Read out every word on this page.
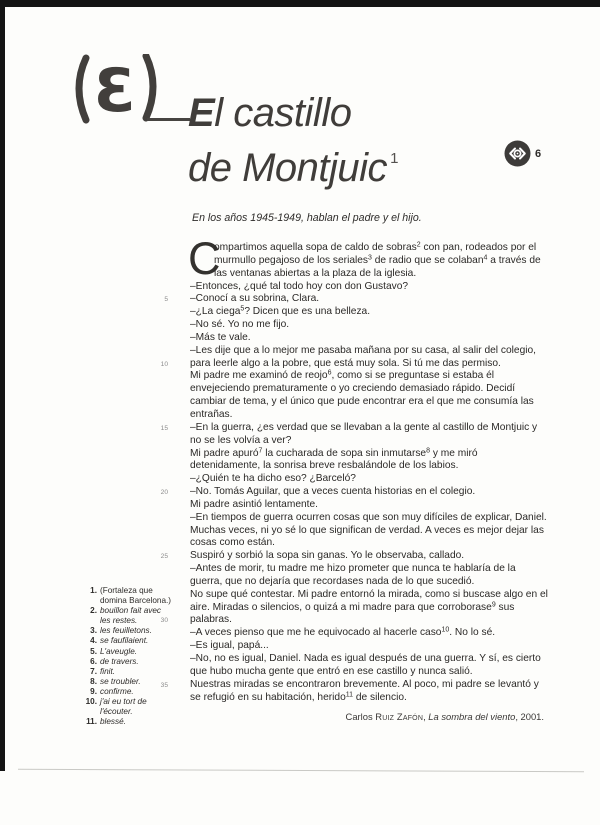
Ɛ El castillo
de Montjuic $^1$	6
En los años 1945-1949, hablan el padre y el hijo.
C
ompartimos aquella sopa de caldo de sobras$^2$ con pan, rodeados por el
murmullo pegajoso de los seriales$^3$ de radio que se colaban$^4$ a través de
las ventanas abiertas a la plaza de la iglesia.
–Entonces, ¿qué tal todo hoy con don Gustavo?
5 –Conocí a su sobrina, Clara.
–¿La ciega$^5$? Dicen que es una belleza.
–No sé. Yo no me fijo.
–Más te vale.
–Les dije que a lo mejor me pasaba mañana por su casa, al salir del colegio,
10 para leerle algo a la pobre, que está muy sola. Si tú me das permiso.
Mi padre me examinó de reojo$^6$, como si se preguntase si estaba él
envejeciendo prematuramente o yo creciendo demasiado rápido. Decidí
cambiar de tema, y el único que pude encontrar era el que me consumía las
entrañas.
15 –En la guerra, ¿es verdad que se llevaban a la gente al castillo de Montjuic y
no se les volvía a ver?
Mi padre apuró$^7$ la cucharada de sopa sin inmutarse$^8$ y me miró
detenidamente, la sonrisa breve resbalándole de los labios.
–¿Quién te ha dicho eso? ¿Barceló?
20 –No. Tomás Aguilar, que a veces cuenta historias en el colegio.
Mi padre asintió lentamente.
–En tiempos de guerra ocurren cosas que son muy difíciles de explicar, Daniel.
Muchas veces, ni yo sé lo que significan de verdad. A veces es mejor dejar las
cosas como están.
25 Suspiró y sorbió la sopa sin ganas. Yo le observaba, callado.
–Antes de morir, tu madre me hizo prometer que nunca te hablaría de la
guerra, que no dejaría que recordases nada de lo que sucedió.
No supe qué contestar. Mi padre entornó la mirada, como si buscase algo en el
aire. Miradas o silencios, o quizá a mi madre para que corroborase$^9$ sus
30 palabras.
–A veces pienso que me he equivocado al hacerle caso$^{10}$. No lo sé.
–Es igual, papá...
–No, no es igual, Daniel. Nada es igual después de una guerra. Y sí, es cierto
que hubo mucha gente que entró en ese castillo y nunca salió.
35 Nuestras miradas se encontraron brevemente. Al poco, mi padre se levantó y
se refugió en su habitación, herido$^{11}$ de silencio.
Carlos Ruiz Zafón, La sombra del viento, 2001.
1. (Fortaleza que domina Barcelona.)
2. bouillon fait avec les restes.
3. les feuilletons.
4. se faufilaient.
5. L'aveugle.
6. de travers.
7. finit.
8. se troubler.
9. confirme.
10. j'ai eu tort de l'écouter.
11. blessé.
